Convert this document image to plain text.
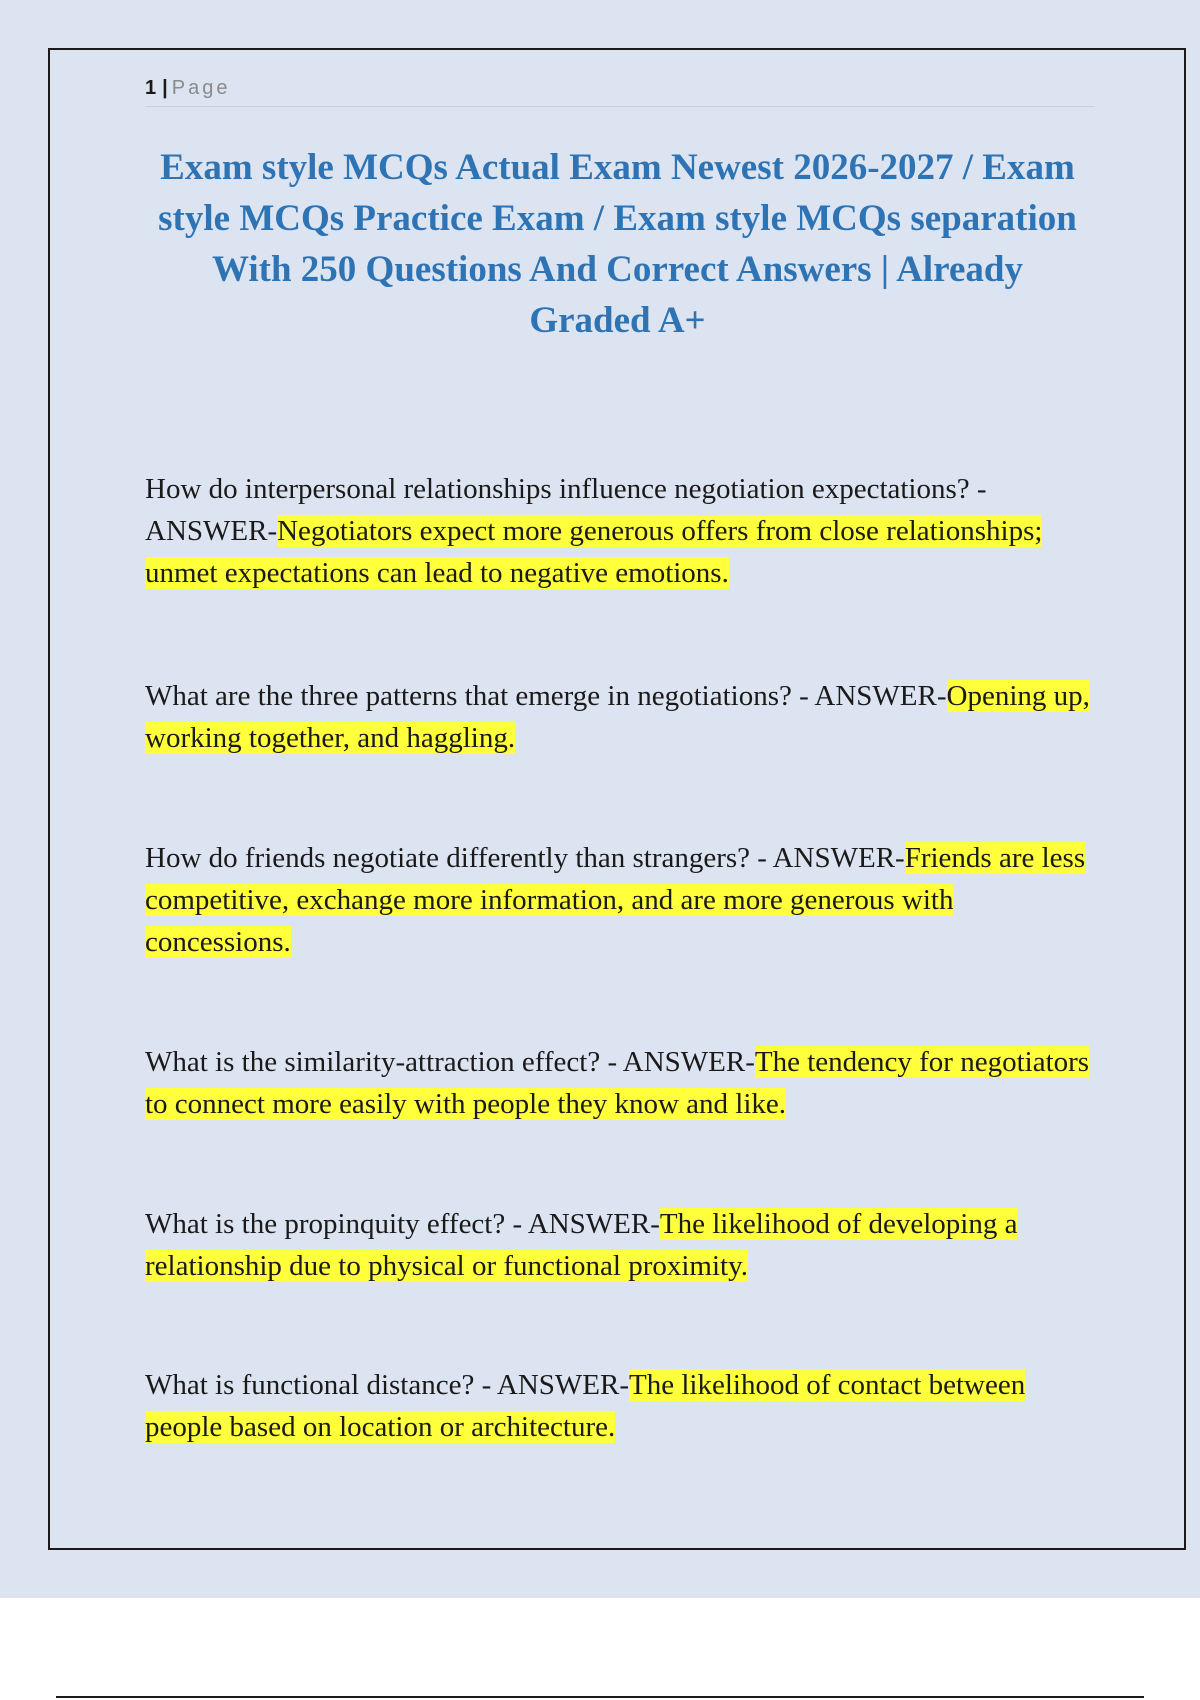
1 | Page
Exam style MCQs Actual Exam Newest 2026-2027 / Exam style MCQs Practice Exam / Exam style MCQs separation With 250 Questions And Correct Answers | Already Graded A+

How do interpersonal relationships influence negotiation expectations? - ANSWER-Negotiators expect more generous offers from close relationships; unmet expectations can lead to negative emotions.

What are the three patterns that emerge in negotiations? - ANSWER-Opening up, working together, and haggling.

How do friends negotiate differently than strangers? - ANSWER-Friends are less competitive, exchange more information, and are more generous with concessions.

What is the similarity-attraction effect? - ANSWER-The tendency for negotiators to connect more easily with people they know and like.

What is the propinquity effect? - ANSWER-The likelihood of developing a relationship due to physical or functional proximity.

What is functional distance? - ANSWER-The likelihood of contact between people based on location or architecture.
